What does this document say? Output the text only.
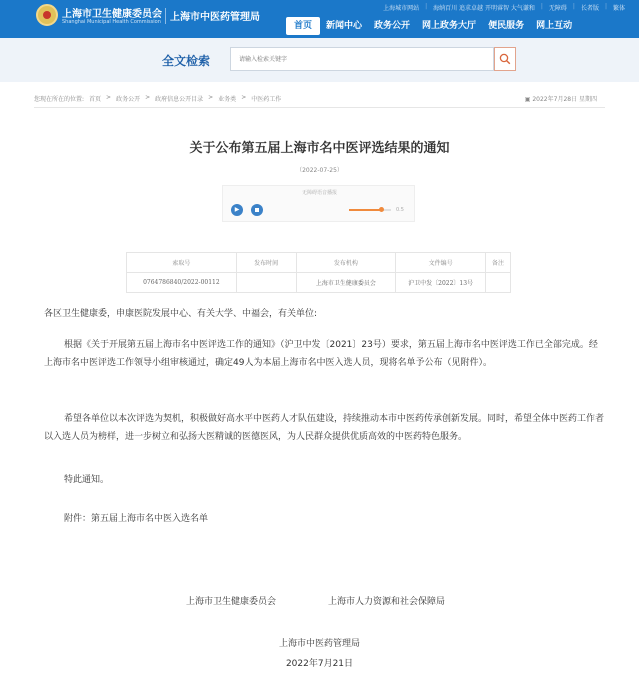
上海市卫生健康委员会
Shanghai Municipal Health Commission 上海市中医药管理局
上海城市网站 | 海纳百川 追求卓越 开明睿智 大气谦和 | 无障碍 | 长者版 | 繁体
首页	新闻中心	政务公开	网上政务大厅	便民服务	网上互动
全文检索
请输入检索关键字
您现在所在的位置: 首页 > 政务公开 > 政府信息公开目录 > 业务类 > 中医药工作	▣ 2022年7月28日 星期四
关于公布第五届上海市名中医评选结果的通知
（2022-07-25）
无障碍语音播报
▶	0.5
索取号	发布时间	发布机构	文件编号	备注
0764786840/2022-00112		上海市卫生健康委员会	沪卫中发〔2022〕13号	
各区卫生健康委，申康医院发展中心、有关大学、中福会，有关单位:
根据《关于开展第五届上海市名中医评选工作的通知》（沪卫中发〔2021〕23号）要求，第五届上海市名中医评选工作已全部完成。经上海市名中医评选工作领导小组审核通过，确定49人为本届上海市名中医入选人员，现将名单予公布（见附件）。
希望各单位以本次评选为契机，积极做好高水平中医药人才队伍建设，持续推动本市中医药传承创新发展。同时，希望全体中医药工作者以入选人员为榜样，进一步树立和弘扬大医精诚的医德医风，为人民群众提供优质高效的中医药特色服务。
特此通知。
附件：第五届上海市名中医入选名单
上海市卫生健康委员会	上海市人力资源和社会保障局
上海市中医药管理局
2022年7月21日
